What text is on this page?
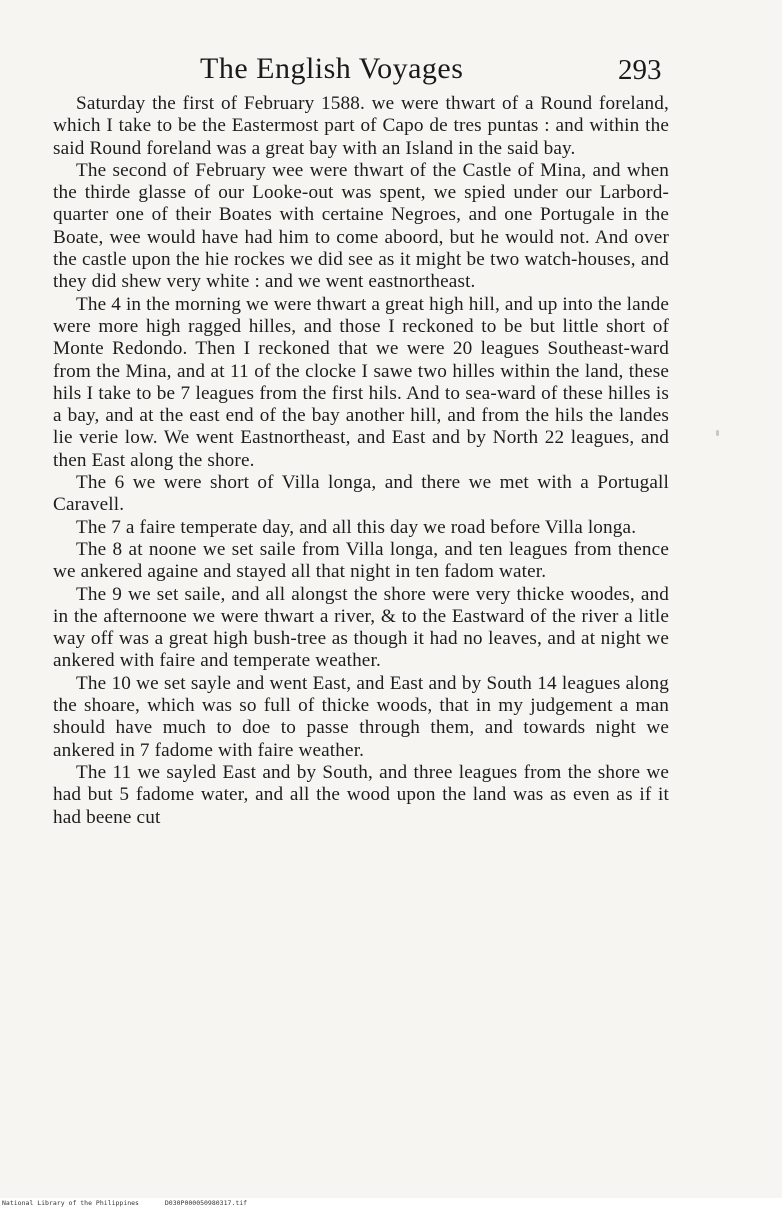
The English Voyages	293

Saturday the first of February 1588. we were thwart of a Round foreland, which I take to be the Eastermost part of Capo de tres puntas : and within the said Round foreland was a great bay with an Island in the said bay.

The second of February wee were thwart of the Castle of Mina, and when the thirde glasse of our Looke-out was spent, we spied under our Larbord-quarter one of their Boates with certaine Negroes, and one Portugale in the Boate, wee would have had him to come aboord, but he would not. And over the castle upon the hie rockes we did see as it might be two watch-houses, and they did shew very white : and we went eastnortheast.

The 4 in the morning we were thwart a great high hill, and up into the lande were more high ragged hilles, and those I reckoned to be but little short of Monte Redondo. Then I reckoned that we were 20 leagues Southeast-ward from the Mina, and at 11 of the clocke I sawe two hilles within the land, these hils I take to be 7 leagues from the first hils. And to sea-ward of these hilles is a bay, and at the east end of the bay another hill, and from the hils the landes lie verie low. We went Eastnortheast, and East and by North 22 leagues, and then East along the shore.

The 6 we were short of Villa longa, and there we met with a Portugall Caravell.

The 7 a faire temperate day, and all this day we road before Villa longa.

The 8 at noone we set saile from Villa longa, and ten leagues from thence we ankered againe and stayed all that night in ten fadom water.

The 9 we set saile, and all alongst the shore were very thicke woodes, and in the afternoone we were thwart a river, & to the Eastward of the river a litle way off was a great high bush-tree as though it had no leaves, and at night we ankered with faire and temperate weather.

The 10 we set sayle and went East, and East and by South 14 leagues along the shoare, which was so full of thicke woods, that in my judgement a man should have much to doe to passe through them, and towards night we ankered in 7 fadome with faire weather.

The 11 we sayled East and by South, and three leagues from the shore we had but 5 fadome water, and all the wood upon the land was as even as if it had beene cut

National Library of the Philippines	D030P000050980317.tif
